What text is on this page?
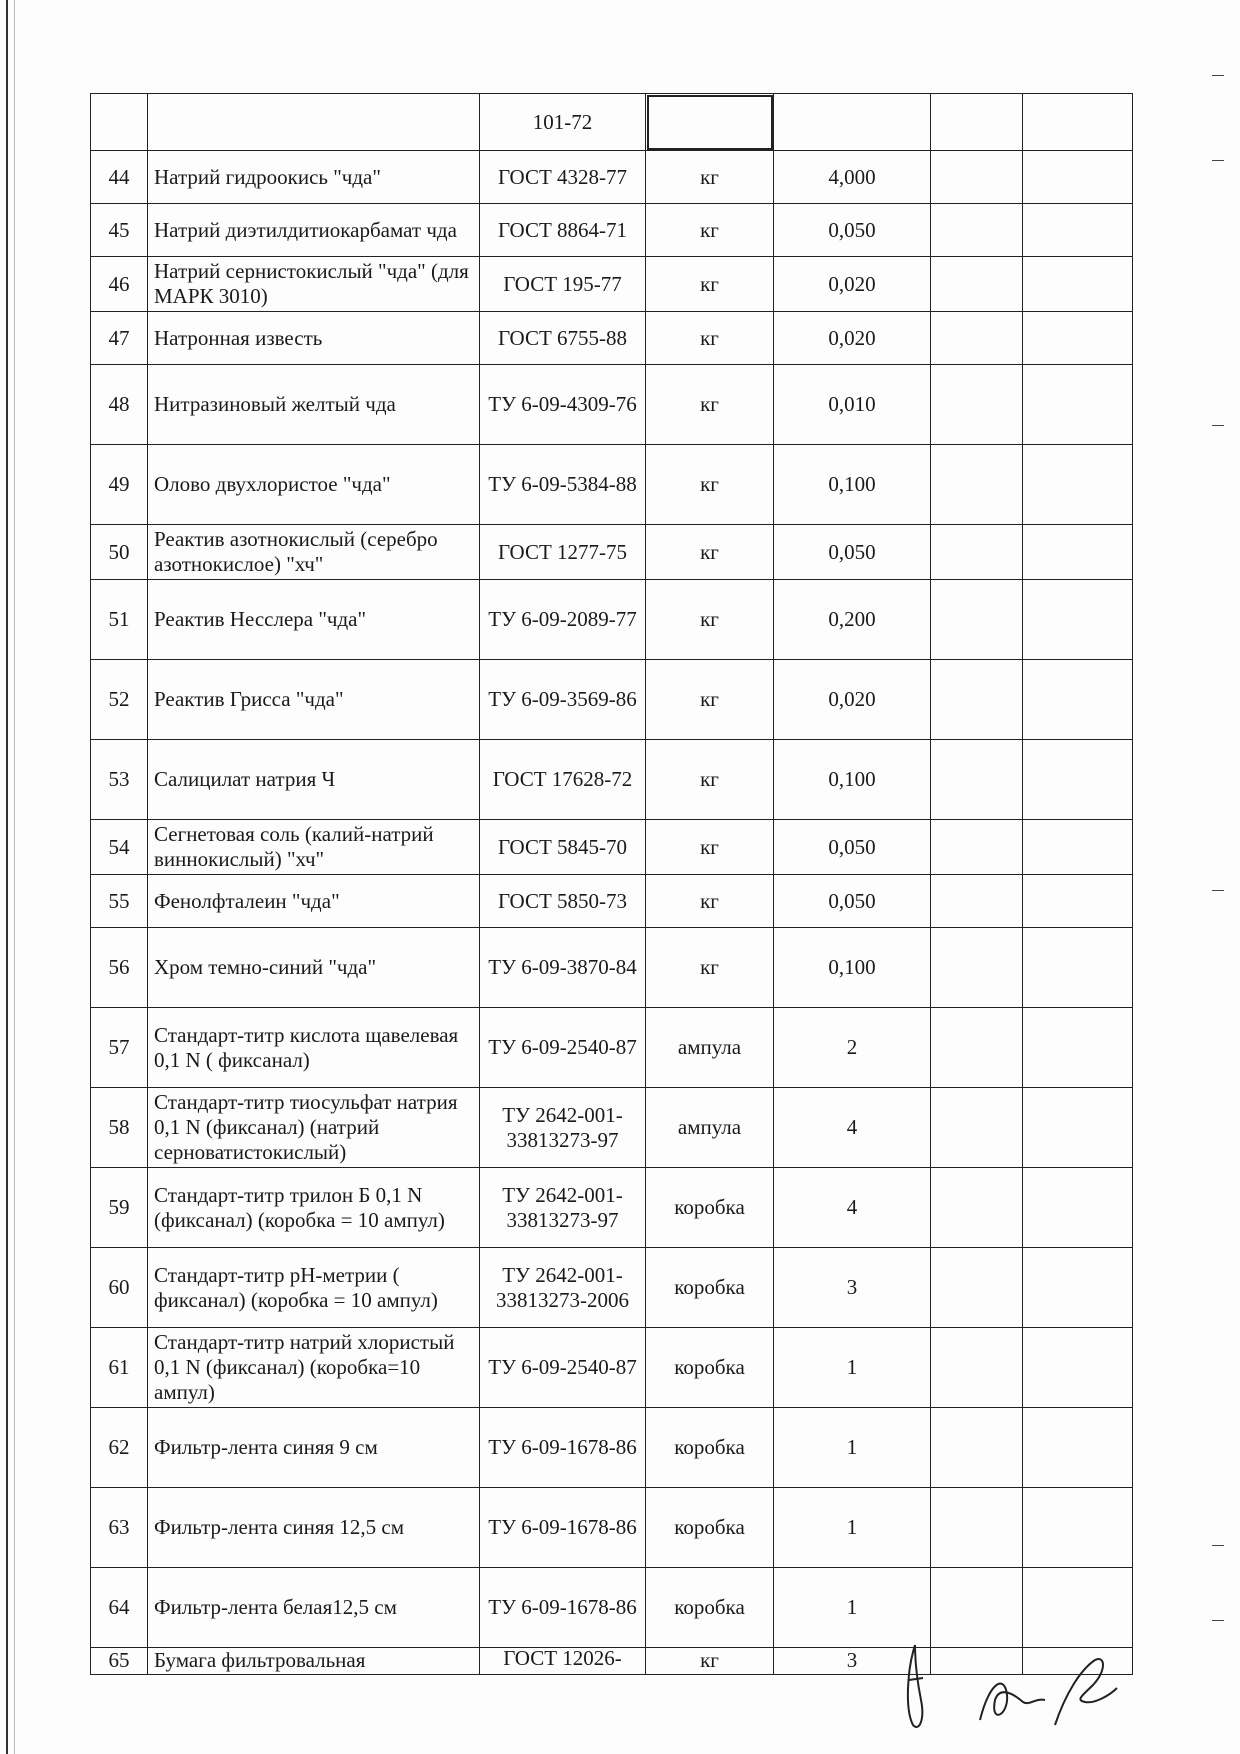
		101-72				
44	Натрий гидроокись "чда"	ГОСТ 4328-77	кг	4,000		
45	Натрий диэтилдитиокарбамат чда	ГОСТ 8864-71	кг	0,050		
46	Натрий сернистокислый "чда" (для МАРК 3010)	ГОСТ 195-77	кг	0,020		
47	Натронная известь	ГОСТ 6755-88	кг	0,020		
48	Нитразиновый желтый чда	ТУ 6-09-4309-76	кг	0,010		
49	Олово двухлористое "чда"	ТУ 6-09-5384-88	кг	0,100		
50	Реактив азотнокислый (серебро азотнокислое) "хч"	ГОСТ 1277-75	кг	0,050		
51	Реактив Несслера "чда"	ТУ 6-09-2089-77	кг	0,200		
52	Реактив Грисса "чда"	ТУ 6-09-3569-86	кг	0,020		
53	Салицилат натрия Ч	ГОСТ 17628-72	кг	0,100		
54	Сегнетовая соль (калий-натрий виннокислый) "хч"	ГОСТ 5845-70	кг	0,050		
55	Фенолфталеин "чда"	ГОСТ 5850-73	кг	0,050		
56	Хром темно-синий "чда"	ТУ 6-09-3870-84	кг	0,100		
57	Стандарт-титр кислота щавелевая 0,1 N ( фиксанал)	ТУ 6-09-2540-87	ампула	2		
58	Стандарт-титр тиосульфат натрия 0,1 N (фиксанал) (натрий серноватистокислый)	ТУ 2642-001-33813273-97	ампула	4		
59	Стандарт-титр трилон Б 0,1 N (фиксанал) (коробка = 10 ампул)	ТУ 2642-001-33813273-97	коробка	4		
60	Стандарт-титр pH-метрии ( фиксанал) (коробка = 10 ампул)	ТУ 2642-001-33813273-2006	коробка	3		
61	Стандарт-титр натрий хлористый 0,1 N (фиксанал) (коробка=10 ампул)	ТУ 6-09-2540-87	коробка	1		
62	Фильтр-лента синяя 9 см	ТУ 6-09-1678-86	коробка	1		
63	Фильтр-лента синяя 12,5 см	ТУ 6-09-1678-86	коробка	1		
64	Фильтр-лента белая12,5 см	ТУ 6-09-1678-86	коробка	1		
65	Бумага фильтровальная	ГОСТ 12026-	кг	3		
